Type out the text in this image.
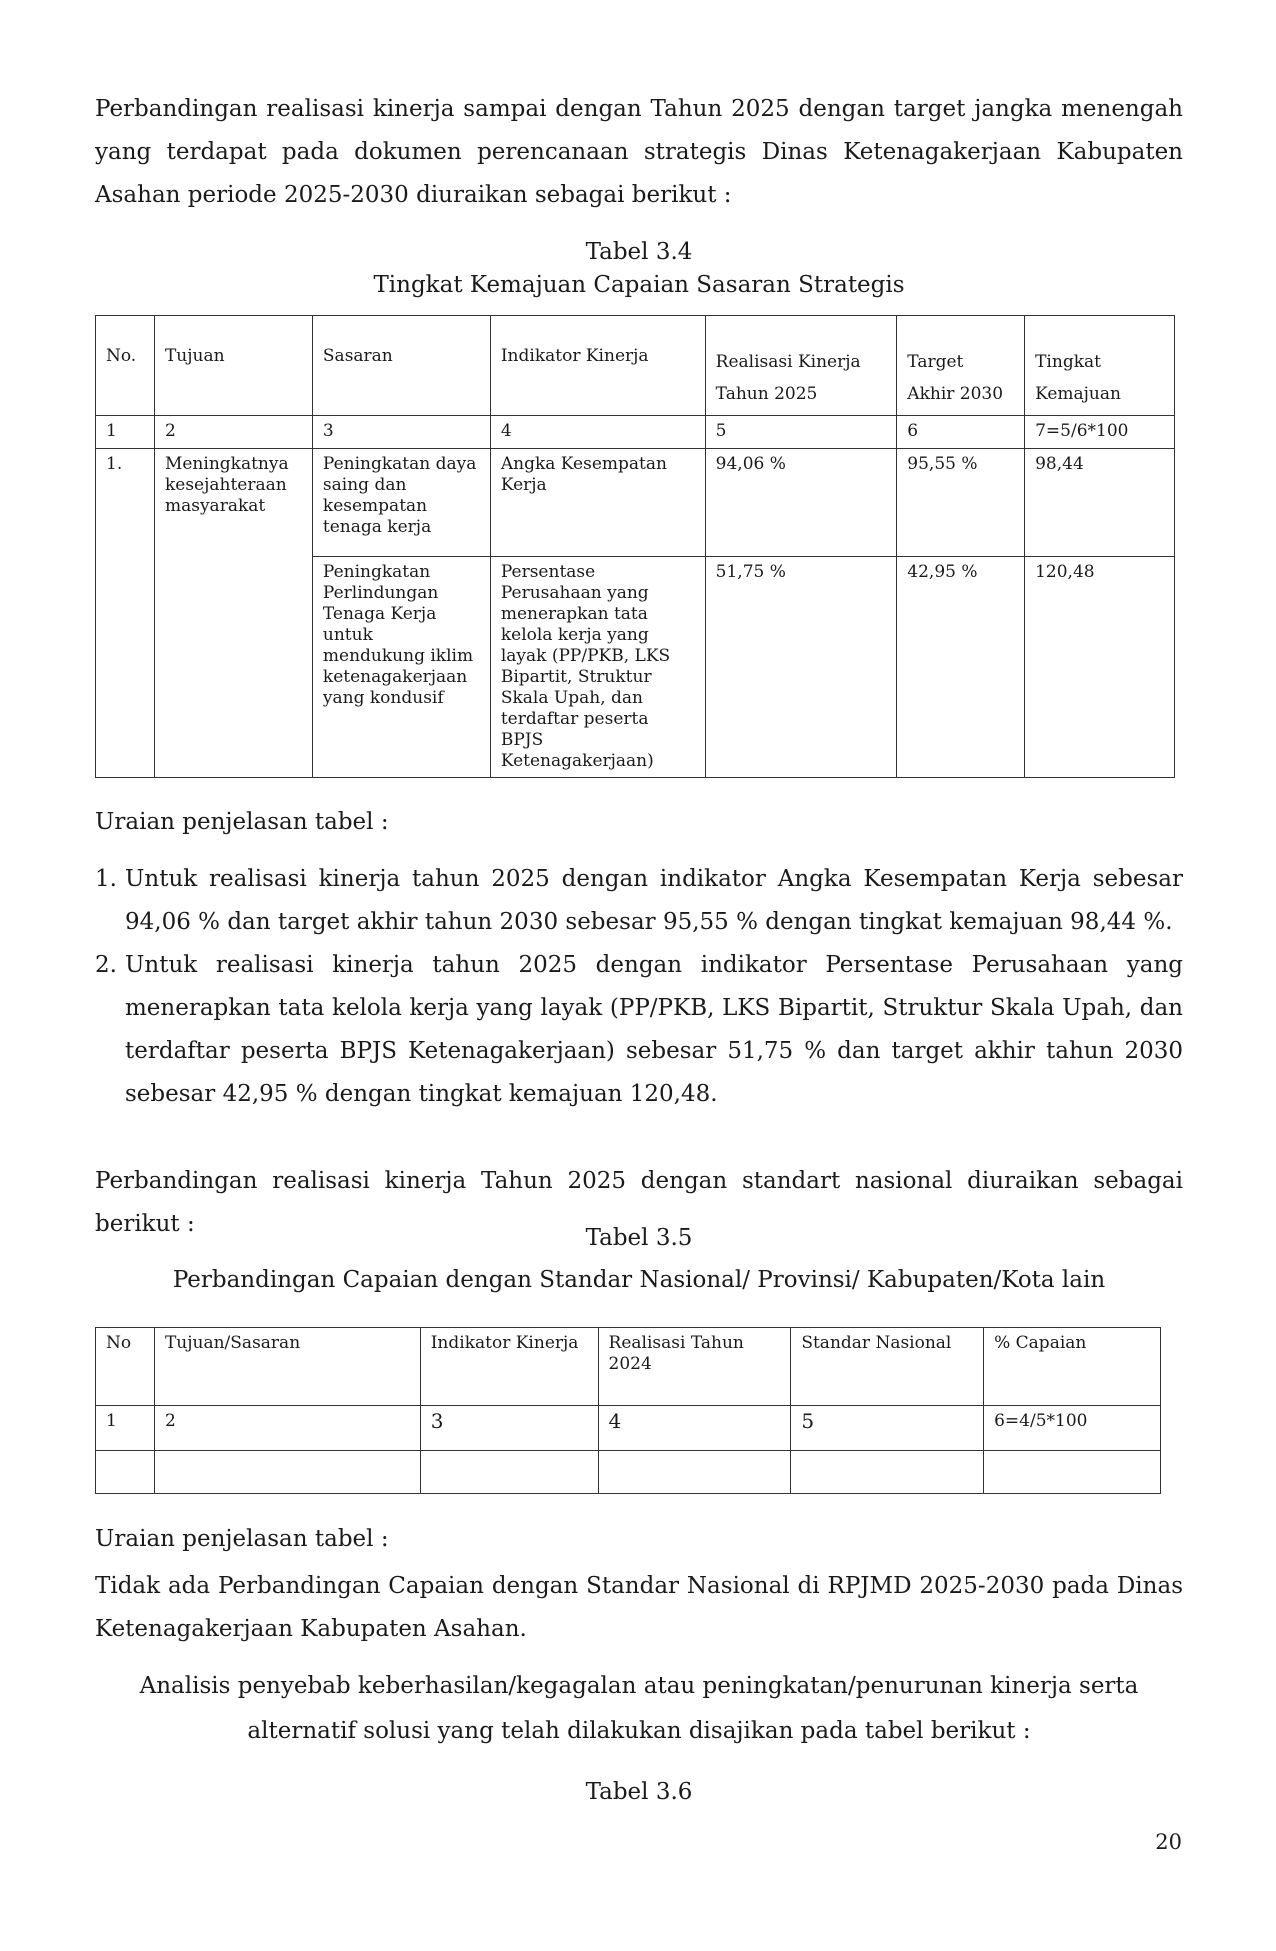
Perbandingan realisasi kinerja sampai dengan Tahun 2025 dengan target jangka menengah yang terdapat pada dokumen perencanaan strategis Dinas Ketenagakerjaan Kabupaten Asahan periode 2025-2030 diuraikan sebagai berikut :
Tabel 3.4
Tingkat Kemajuan Capaian Sasaran Strategis
No.	Tujuan	Sasaran	Indikator Kinerja	Realisasi Kinerja Tahun 2025	Target Akhir 2030	Tingkat Kemajuan
1	2	3	4	5	6	7=5/6*100
1.	Meningkatnya kesejahteraan masyarakat	Peningkatan daya saing dan kesempatan tenaga kerja	Angka Kesempatan Kerja	94,06 %	95,55 %	98,44
		Peningkatan Perlindungan Tenaga Kerja untuk mendukung iklim ketenagakerjaan yang kondusif	Persentase Perusahaan yang menerapkan tata kelola kerja yang layak (PP/PKB, LKS Bipartit, Struktur Skala Upah, dan terdaftar peserta BPJS Ketenagakerjaan)	51,75 %	42,95 %	120,48
Uraian penjelasan tabel :
1. Untuk realisasi kinerja tahun 2025 dengan indikator Angka Kesempatan Kerja sebesar 94,06 % dan target akhir tahun 2030 sebesar 95,55 % dengan tingkat kemajuan 98,44 %.
2. Untuk realisasi kinerja tahun 2025 dengan indikator Persentase Perusahaan yang menerapkan tata kelola kerja yang layak (PP/PKB, LKS Bipartit, Struktur Skala Upah, dan terdaftar peserta BPJS Ketenagakerjaan) sebesar 51,75 % dan target akhir tahun 2030 sebesar 42,95 % dengan tingkat kemajuan 120,48.
Perbandingan realisasi kinerja Tahun 2025 dengan standart nasional diuraikan sebagai berikut :
Tabel 3.5
Perbandingan Capaian dengan Standar Nasional/ Provinsi/ Kabupaten/Kota lain
No	Tujuan/Sasaran	Indikator Kinerja	Realisasi Tahun 2024	Standar Nasional	% Capaian
1	2	3	4	5	6=4/5*100

Uraian penjelasan tabel :
Tidak ada Perbandingan Capaian dengan Standar Nasional di RPJMD 2025-2030 pada Dinas Ketenagakerjaan Kabupaten Asahan.
Analisis penyebab keberhasilan/kegagalan atau peningkatan/penurunan kinerja serta alternatif solusi yang telah dilakukan disajikan pada tabel berikut :
Tabel 3.6
20
